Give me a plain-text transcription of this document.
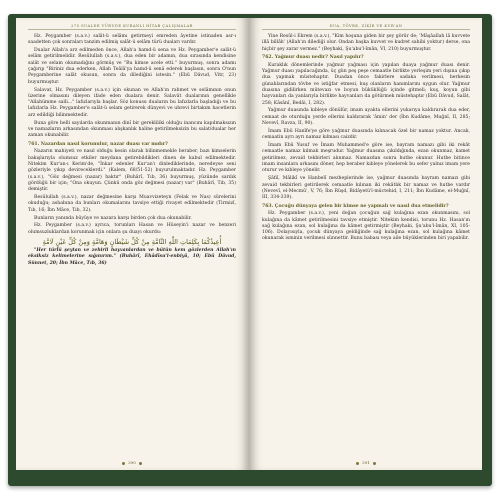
275 SUALDE VÜRUDE KURANLI HİTAB ÇALIŞMALAR

Hz. Peygamber (s.a.v.) salât-ü selâmı getirmeyi emreden âyetine istinaden asr-ı saadetten çok sonraları tanzim edilmiş salât-ü selâm türü duaları vardır.

Dualar Allah'a arz edilmeden önce, Allah'a hamd-ü sena ve Hz. Peygamber'e salât-ü selâm getirilmelidir. Resûlullah (s.a.v.), dua eden bir adamın, dua sırasında kendisine salât ve selam okumadığını görmüş ve "Bu kimse acele etti." buyurmuş, sonra adamı çağırıp "Biriniz dua ederken, Allah Teâlâ'ya hamd-ü senâ ederek başlasın, sonra O'nun Peygamberine salât okusun, sonra da dilediğini istesin." (Ebû Dâvud, Vitr, 23) buyurmuştur.

Salavat, Hz. Peygamber (s.a.v.) için okunan ve Allah'ın rahmet ve selâmının onun üzerine olmasını dileyen ifade eden dualara denir. Salavât dualarının genellikle "Allahümme salli..." lafızlarıyla başlar. Söz konusu duaların bu lafızlarla başladığı ve bu lafızlarla Hz. Peygamber'e salât-ü selam getirerek dünyevi ve uhrevi birtakım hacetlerin arz edildiği bilinmektedir.

Buna göre belli sayılarda okunmanın dinî bir gerekliliki olduğu inancını kapılmaksızın ve namazların arkasından okunması alışkanlık haline getirilmeksizin bu salat/dualar her zaman okunabilir.

761. Nazardan nasıl korunulur, nazar duası var mıdır?

Nazarın mahiyeti ve nasıl olduğu kesin olarak bilinmemekle beraber, bazı kimselerin bakışlarıyla olumsuz etkiler meydana getirebildikleri dinen de kabul edilmektedir. Nitekim Kur'an-ı Kerim'de, "İnkar edenler Kur'an'ı dinlediklerinde, neredeyse seni gözleriyle yıkıp devireceklerdi." (Kalem, 68/51-52) buyurulmaktadır. Hz. Peygamber (s.a.v.), "Göz değmesi (nazar) haktır" (Buhârî, Tıb, 36) buyurmuş, yüzünde sarılık gördüğü bir için; "Ona okuyun. Çünkü onda göz değmesi (nazar) var" (Buhârî, Tıb, 35) demiştir.

Resûlullah (s.a.v.), nazar değmesine karşı Muavvizeteyn (Felak ve Nas) sûrelerini okuduğu; ashabına da bunları okumalarını tavsiye ettiği rivayet edilmektedir (Tirmizî, Tıb, 16; İbn Mâce, Tıb, 32).

Bunların yanında büyüye ve nazara karşı birden çok dua okunabilir.

Hz. Peygamber (s.a.v.) ayrıca, torunları Hasan ve Hüseyin'i nazar ve benzeri olumsuzluklardan korunmak için onlara şu duayı okurdu:

أُعِيذُكُمَا بِكَلِمَاتِ اللَّهِ التَّامَّةِ مِنْ كُلِّ شَيْطَانٍ وَهَامَّةٍ وَمِنْ كُلِّ عَيْنٍ لَامَّةٍ

"Her türlü şeytan ve zehirli hayvanlardan ve bütün kem gözlerden Allah'ın eksiksiz kelimelerine sığınırım." (Buhârî, Ehâdîsu'l-enbiyâ, 10; Ebû Dâvud, Sünnet, 20; İbn Mâce, Tıb, 36)

390
DUA, TÖVBE, ZİKİR VE KUR'AN

Yine Resûl-i Ekrem (s.a.v.), "Kim hoşuna giden bir şey görür de; 'Mâşâallah lâ kuvvete illâ billâh' (Allah'ın dilediği olur. Ondan başka kuvvet ve kudret sahibi yoktur) derse, ona hiçbir şey zarar vermez." (Beyhaki, Şu'abu'l-îmân, VI, 210) buyurmuştur.

762. Yağmur duası nedir? Nasıl yapılır?

Kuraklık dönemlerinde yağmur yağması için yapılan duaya yağmur duası denir. Yağmur duası yapılacağında, üç gün peş peşe cemaatle birlikte yerleşim yeri dışına çıkıp dua yapmak müstehaptır. Duadan önce fakirlere sadaka verilmesi, herkesin günahlarından tövbe ve istiğfar etmesi, kuş olanların hanımlarını uygun olur. Yağmur duasına gidilirken mütevazı ve boyun büküklüğü içinde gitmeli; kuş, koyun gibi hayvanları da yanlarıyla birlikte hayvanları da götürmek müstehaptır (Ebû Dâvud, Salât, 258; Kâsânî, Bedâi, I, 282).

Yağmur duasında kıbleye dönülür, imam ayakta ellerini yukarıya kaldırarak dua eder, cemaat de oturduğu yerde ellerini kaldırarak 'âmin' der (İbn Kudâme, Muğnî, II, 285; Nevevî, Ravza, II, 90).

İmam Ebû Hanîfe'ye göre yağmur duasında kılınacak özel bir namaz yoktur. Ancak, cemaatin ayrı ayrı namaz kılması caizdir.

İmam Ebû Yusuf ve İmam Muhammed'e göre ise, bayram namazı gibi iki rekât cemaatle namaz kılmak meşrudur. Yağmur duasına çıkıldığında, ezan okunmaz, kamet getirilmez, zevaid tekbirleri alınmaz. Namazdan sonra hutbe okunur. Hutbe bitince imam insanlara arkasını döner, hep beraber kıbleye yönelerek bu sefer yalnız imam yere oturur ve kıbleye yönelir.

Şâfiî, Mâlikî ve Hanbelî mezheplerinde ise, yağmur duasında bayram namazı gibi zevaid tekbirleri getirilerek cemaatle kılınan iki rekâtlık bir namaz ve hutbe vardır (Nevevî, el-Mecmû', V, 76; İbn Rüşd, Bidâyetü'l-müctehid, I, 211; İbn Kudâme, el-Muğnî, III, 334-339).

763. Çocuğu dünyaya gelen bir kimse ne yapmalı ve nasıl dua etmelidir?

Hz. Peygamber (s.a.v.), yeni doğan çocuğun sağ kulağına ezan okunmasını, sol kulağına da kâmet getirilmesini tavsiye etmiştir. Nitekim kendisi, torunu Hz. Hasan'ın sağ kulağına ezan, sol kulağına da kâmet getirmiştir (Beyhaki, Şu'abu'l-îmân, XI, 105-106). Dolayısıyla, çocuk dünyaya geldiğinde sağ kulağına ezan, sol kulağına kâmet okunarak isminin verilmesi sünnettir. Bunu babası veya aile büyüklerinden biri yapabilir.

391
